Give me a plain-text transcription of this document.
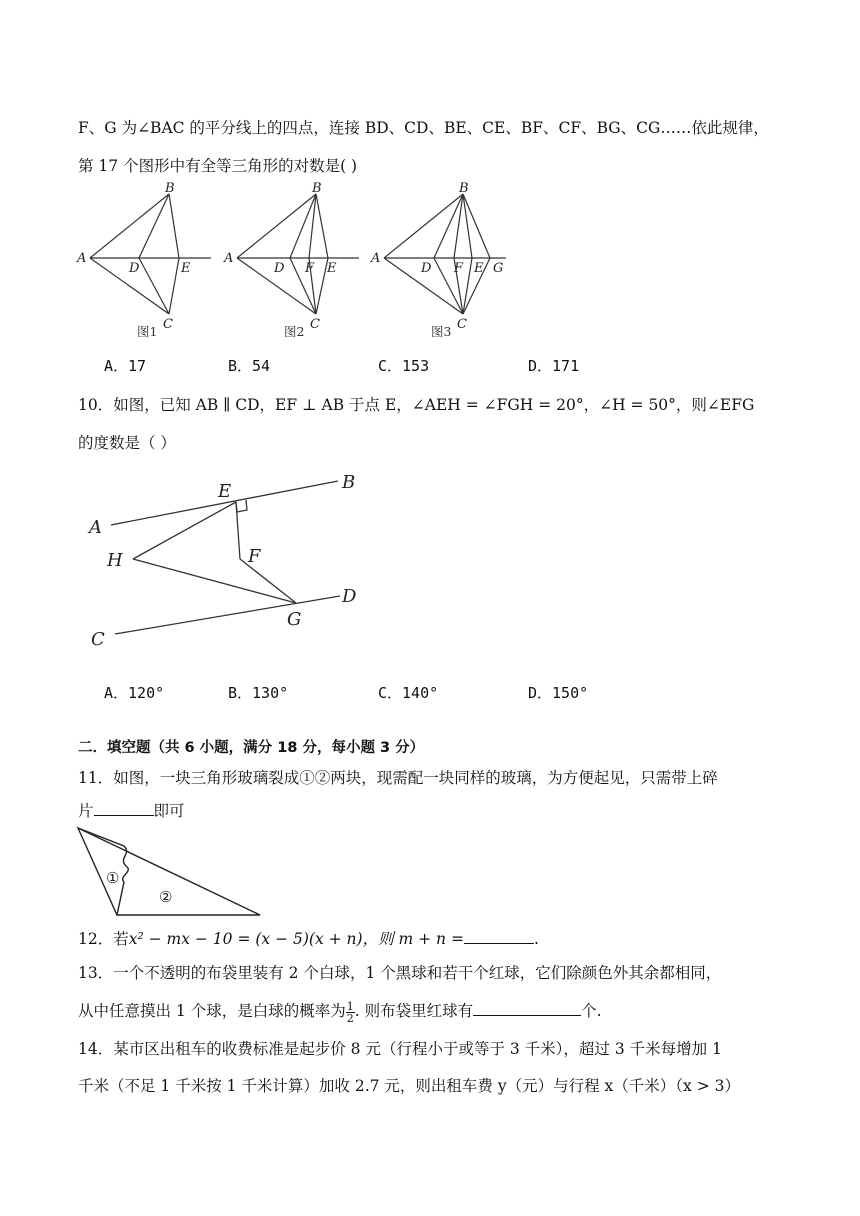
F、G 为∠BAC 的平分线上的四点，连接 BD、CD、BE、CE、BF、CF、BG、CG……依此规律，
第 17 个图形中有全等三角形的对数是( )
A
B
C
D	E
A
B
C
D F E
A
B
C
D F E G
图1	图2	图3
A．17	B．54	C．153	D．171
10．如图，已知 AB ∥ CD，EF ⊥ AB 于点 E，∠AEH = ∠FGH = 20°，∠H = 50°，则∠EFG
的度数是（ ）
A
B
C
D
E
F
G
H
A．120°	B．130°	C．140°	D．150°
二．填空题（共 6 小题，满分 18 分，每小题 3 分）
11．如图，一块三角形玻璃裂成①②两块，现需配一块同样的玻璃，为方便起见，只需带上碎
片	即可
①
②
12．若x² − mx − 10 = (x − 5)(x + n)，则 m + n =	.
13．一个不透明的布袋里装有 2 个白球，1 个黑球和若干个红球，它们除颜色外其余都相同，
从中任意摸出 1 个球，是白球的概率为 $\frac{1}{2}$ . 则布袋里红球有	个.
14．某市区出租车的收费标准是起步价 8 元（行程小于或等于 3 千米），超过 3 千米每增加 1
千米（不足 1 千米按 1 千米计算）加收 2.7 元，则出租车费 y（元）与行程 x（千米）（x > 3）
